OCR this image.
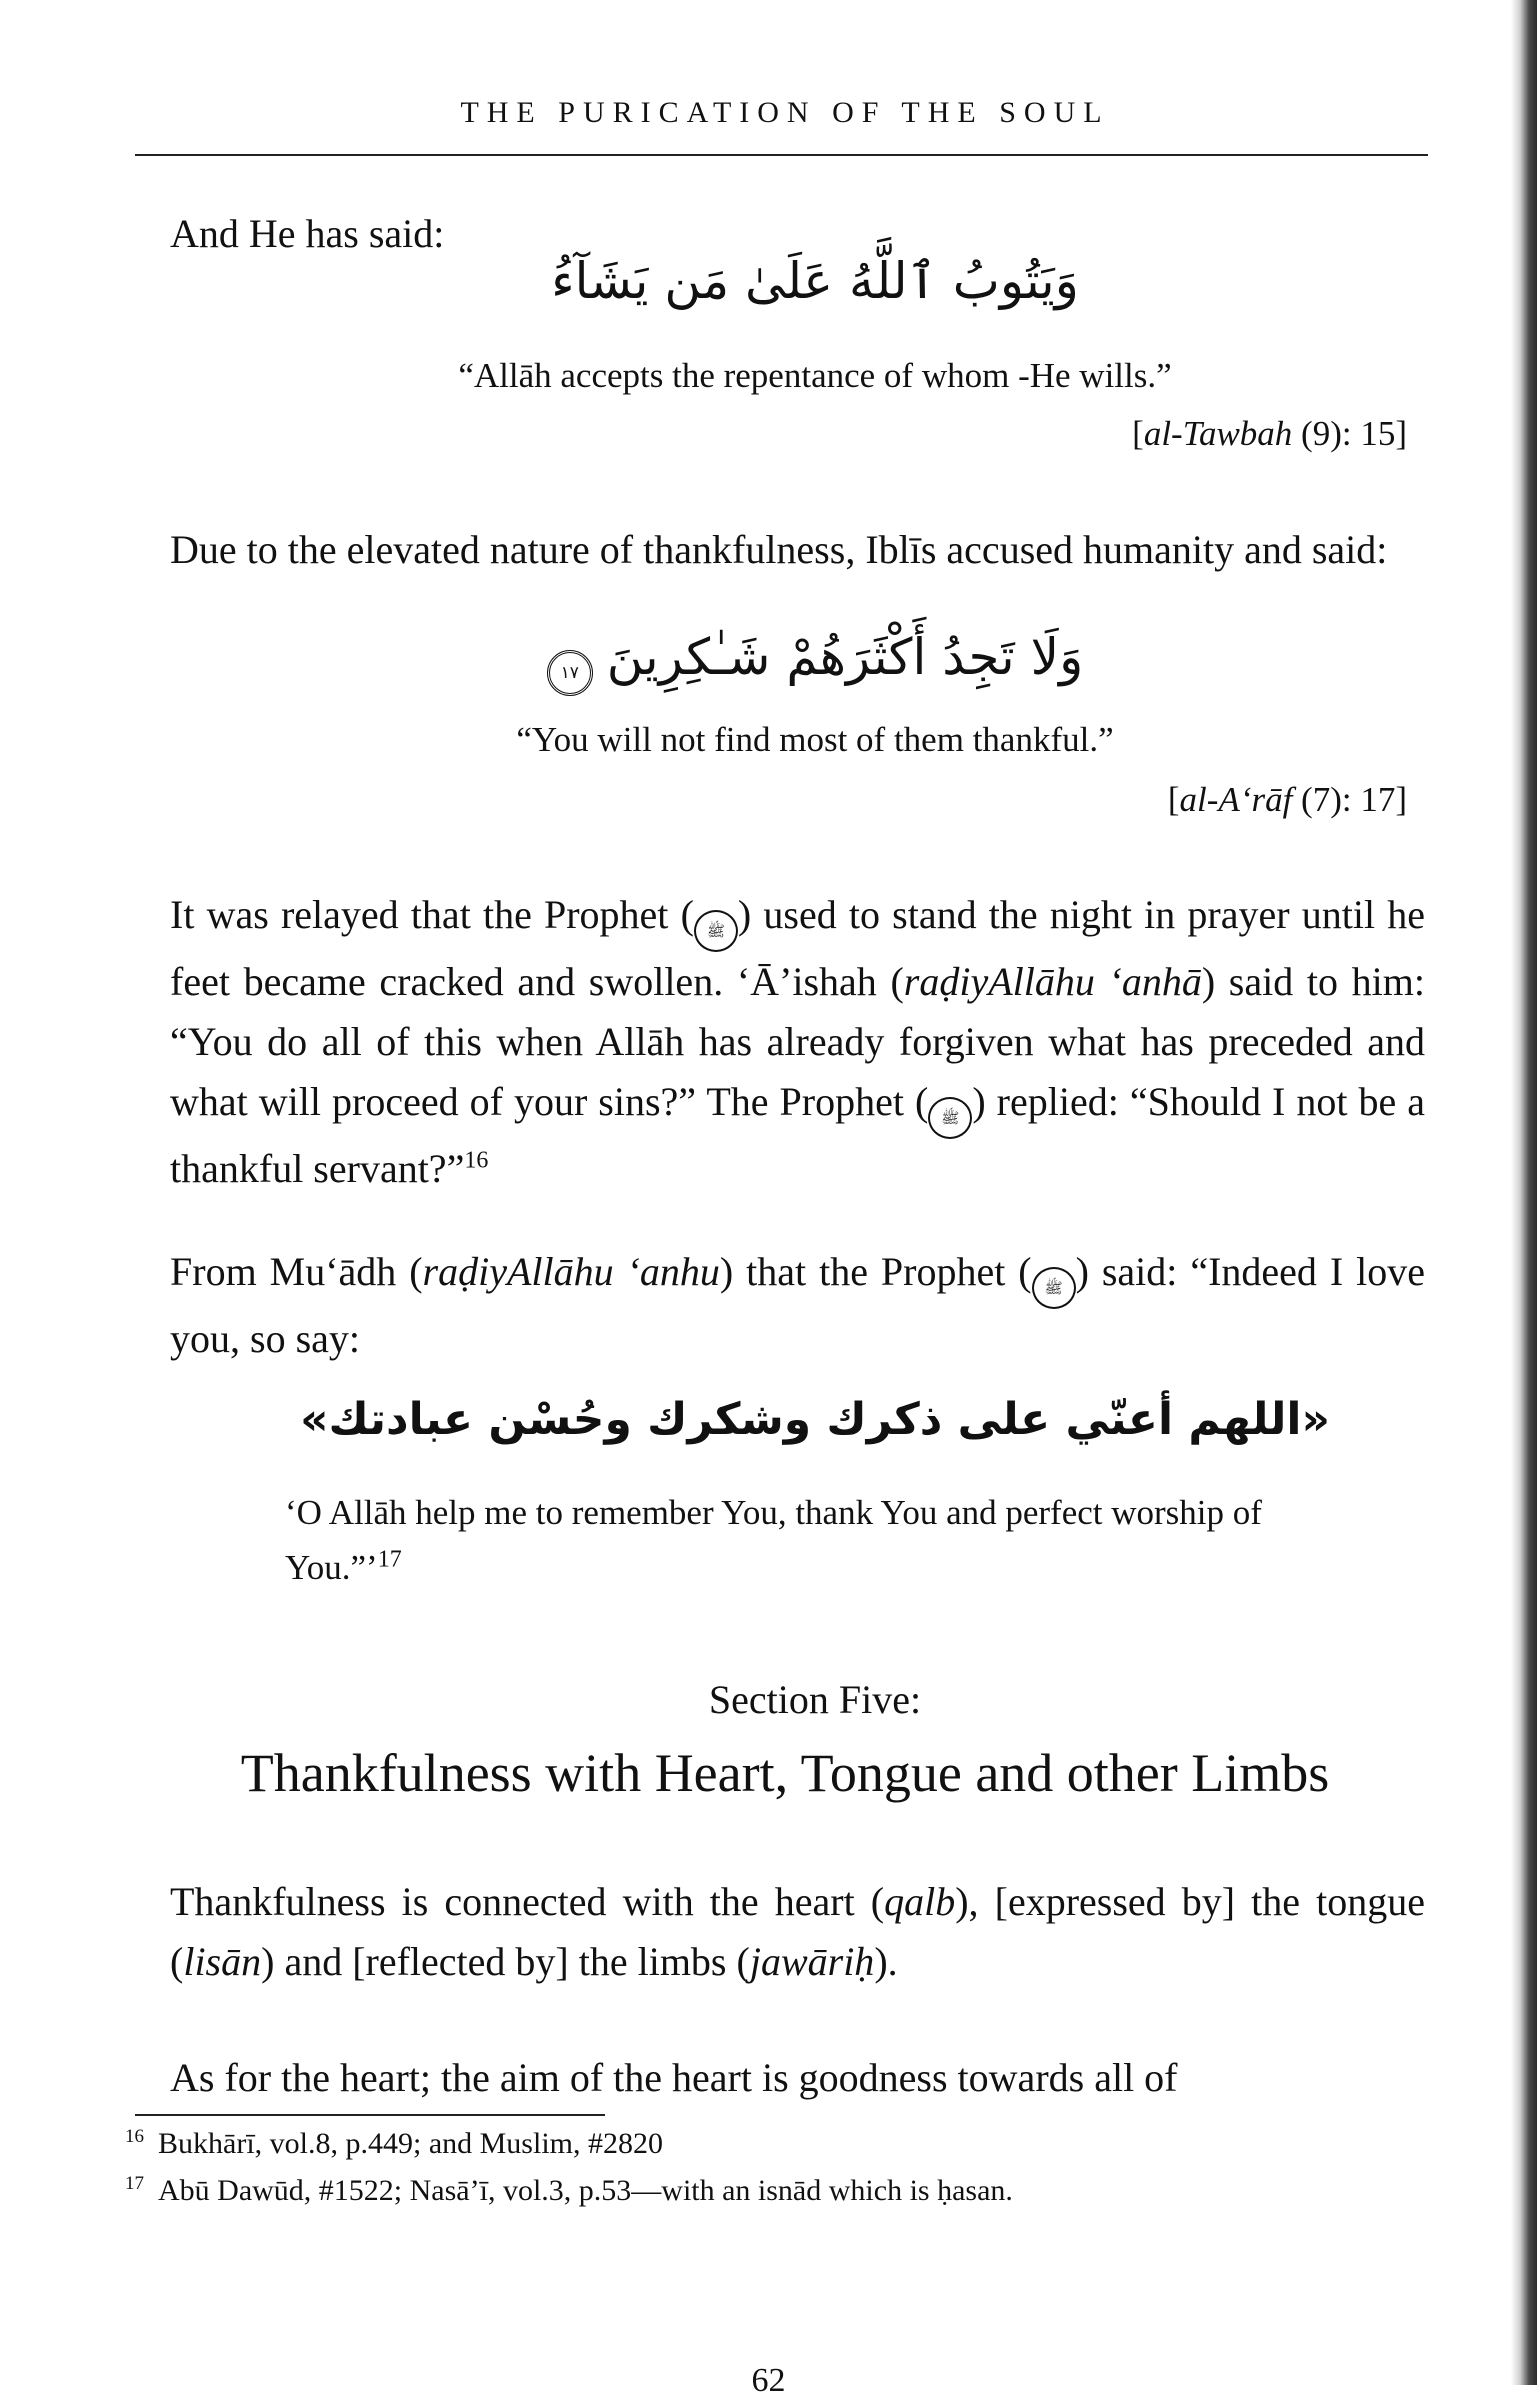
THE PURICATION OF THE SOUL
And He has said:
وَيَتُوبُ ٱللَّهُ عَلَىٰ مَن يَشَآءُ
“Allāh accepts the repentance of whom -He wills.”
[al-Tawbah (9): 15]
Due to the elevated nature of thankfulness, Iblīs accused humanity and said:
وَلَا تَجِدُ أَكْثَرَهُمْ شَـٰكِرِينَ١٧
“You will not find most of them thankful.”
[al-A‘rāf (7): 17]
It was relayed that the Prophet ( ﷺ ) used to stand the night in prayer until he feet became cracked and swollen. ‘Ā’ishah (raḍiyAllāhu ‘anhā) said to him: “You do all of this when Allāh has already forgiven what has preceded and what will proceed of your sins?” The Prophet ( ﷺ ) replied: “Should I not be a thankful servant?”$^{16}$
From Mu‘ādh (raḍiyAllāhu ‘anhu) that the Prophet ( ﷺ ) said: “Indeed I love you, so say:
«اللهم أعنّي على ذكرك وشكرك وحُسْن عبادتك»
‘O Allāh help me to remember You, thank You and perfect worship of You.”’$^{17}$
Section Five:
Thankfulness with Heart, Tongue and other Limbs
Thankfulness is connected with the heart (qalb), [expressed by] the tongue (lisān) and [reflected by] the limbs (jawāriḥ).
As for the heart; the aim of the heart is goodness towards all of
$^{16}$ Bukhārī, vol.8, p.449; and Muslim, #2820
$^{17}$ Abū Dawūd, #1522; Nasā’ī, vol.3, p.53—with an isnād which is ḥasan.
62
